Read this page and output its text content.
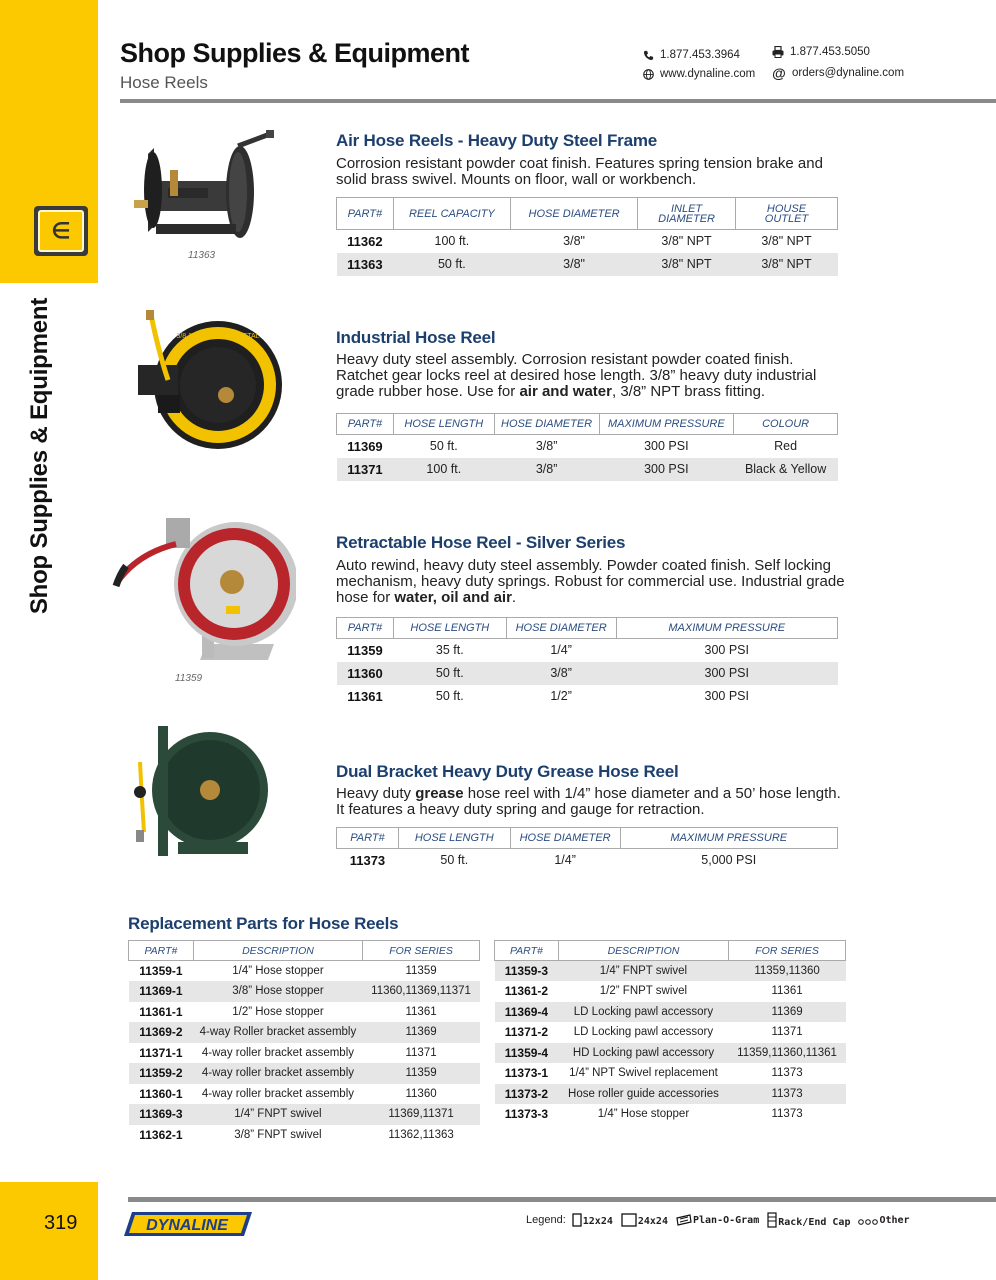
∈
Shop Supplies & Equipment
319
Shop Supplies & Equipment
Hose Reels
1.877.453.3964	1.877.453.5050
www.dynaline.com @ orders@dynaline.com
11363
3/8 100 AIR HOSE METAL
11359
Air Hose Reels - Heavy Duty Steel Frame
Corrosion resistant powder coat finish. Features spring tension brake and solid brass swivel. Mounts on floor, wall or workbench.
PART#	REEL CAPACITY	HOSE DIAMETER	INLET DIAMETER	HOUSE OUTLET
11362	100 ft.	3/8"	3/8" NPT	3/8" NPT
11363	50 ft.	3/8"	3/8" NPT	3/8" NPT
Industrial Hose Reel
Heavy duty steel assembly. Corrosion resistant powder coated finish. Ratchet gear locks reel at desired hose length. 3/8” heavy duty industrial grade rubber hose. Use for air and water, 3/8” NPT brass fitting.
PART#	HOSE LENGTH	HOSE DIAMETER	MAXIMUM PRESSURE	COLOUR
11369	50 ft.	3/8”	300 PSI	Red
11371	100 ft.	3/8”	300 PSI	Black & Yellow
Retractable Hose Reel - Silver Series
Auto rewind, heavy duty steel assembly. Powder coated finish. Self locking mechanism, heavy duty springs. Robust for commercial use. Industrial grade hose for water, oil and air.
PART#	HOSE LENGTH	HOSE DIAMETER	MAXIMUM PRESSURE
11359	35 ft.	1/4”	300 PSI
11360	50 ft.	3/8”	300 PSI
11361	50 ft.	1/2”	300 PSI
Dual Bracket Heavy Duty Grease Hose Reel
Heavy duty grease hose reel with 1/4” hose diameter and a 50’ hose length. It features a heavy duty spring and gauge for retraction.
PART#	HOSE LENGTH	HOSE DIAMETER	MAXIMUM PRESSURE
11373	50 ft.	1/4”	5,000 PSI
Replacement Parts for Hose Reels
PART#	DESCRIPTION	FOR SERIES
11359-1	1/4” Hose stopper	11359
11369-1	3/8” Hose stopper	11360,11369,11371
11361-1	1/2” Hose stopper	11361
11369-2	4-way Roller bracket assembly	11369
11371-1	4-way roller bracket assembly	11371
11359-2	4-way roller bracket assembly	11359
11360-1	4-way roller bracket assembly	11360
11369-3	1/4” FNPT swivel	11369,11371
11362-1	3/8” FNPT swivel	11362,11363
PART#	DESCRIPTION	FOR SERIES
11359-3	1/4” FNPT swivel	11359,11360
11361-2	1/2” FNPT swivel	11361
11369-4	LD Locking pawl accessory	11369
11371-2	LD Locking pawl accessory	11371
11359-4	HD Locking pawl accessory	11359,11360,11361
11373-1	1/4” NPT Swivel replacement	11373
11373-2	Hose roller guide accessories	11373
11373-3	1/4” Hose stopper	11373
DYNALINE	Legend: 12x24	24x24	Plan-O-Gram Rack/End Cap	Other
